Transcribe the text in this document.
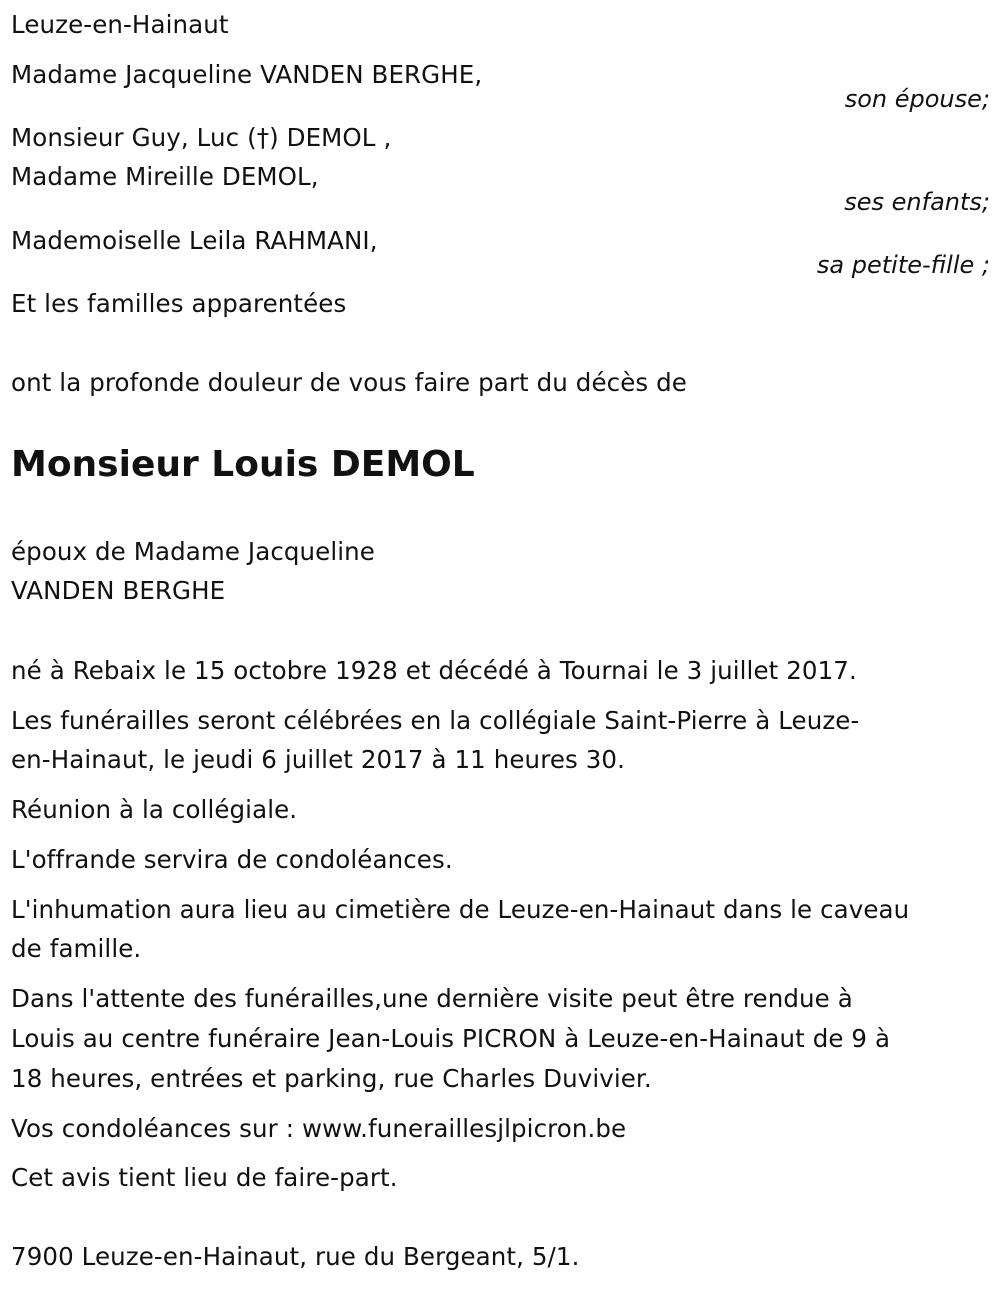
Leuze-en-Hainaut
Madame Jacqueline VANDEN BERGHE,
son épouse;
Monsieur Guy, Luc (†) DEMOL ,
Madame Mireille DEMOL,
ses enfants;
Mademoiselle Leila RAHMANI,
sa petite-fille ;
Et les familles apparentées
ont la profonde douleur de vous faire part du décès de
Monsieur Louis DEMOL
époux de Madame Jacqueline
VANDEN BERGHE
né à Rebaix le 15 octobre 1928 et décédé à Tournai le 3 juillet 2017.
Les funérailles seront célébrées en la collégiale Saint-Pierre à Leuze-
en-Hainaut, le jeudi 6 juillet 2017 à 11 heures 30.
Réunion à la collégiale.
L'offrande servira de condoléances.
L'inhumation aura lieu au cimetière de Leuze-en-Hainaut dans le caveau
de famille.
Dans l'attente des funérailles,une dernière visite peut être rendue à
Louis au centre funéraire Jean-Louis PICRON à Leuze-en-Hainaut de 9 à
18 heures, entrées et parking, rue Charles Duvivier.
Vos condoléances sur : www.funeraillesjlpicron.be
Cet avis tient lieu de faire-part.
7900 Leuze-en-Hainaut, rue du Bergeant, 5/1.
